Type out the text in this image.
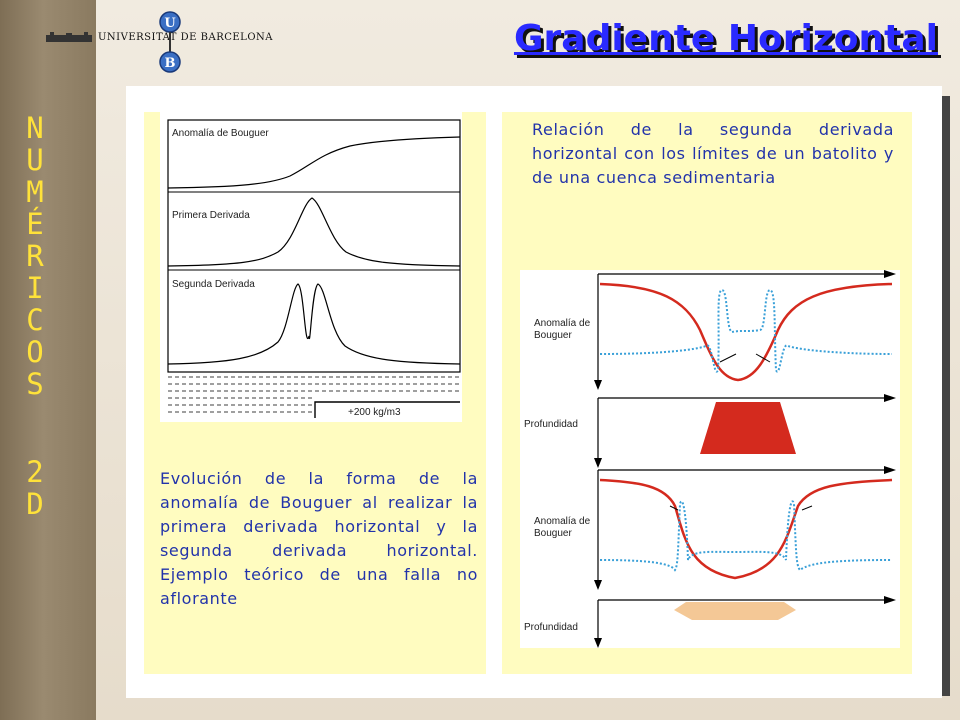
N
U
M
É
R
I
C
O
S
2
D
UNIVERSITAT DE BARCELONA
U
B
Gradiente Horizontal
Anomalía de Bouguer
Primera Derivada
Segunda Derivada
+200 kg/m3
Evolución de la forma de la anomalía de Bouguer al realizar la primera derivada horizontal y la segunda derivada horizontal. Ejemplo teórico de una falla no aflorante
Relación de la segunda derivada horizontal con los límites de un batolito y de una cuenca sedimentaria
Anomalía de
Bouguer
Profundidad
Anomalía de
Bouguer
Profundidad
